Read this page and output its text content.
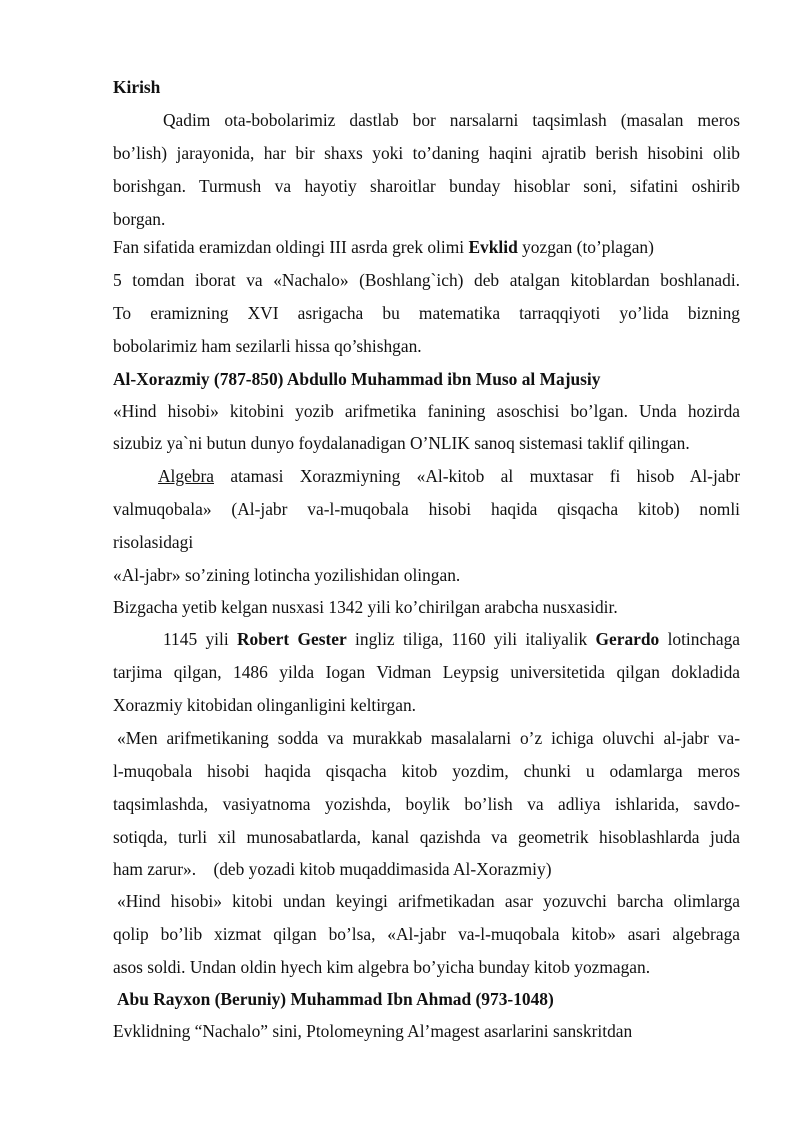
Kirish
Qadim ota-bobolarimiz dastlab bor narsalarni taqsimlash (masalan meros
bo’lish) jarayonida, har bir shaxs yoki to’daning haqini ajratib berish hisobini olib
borishgan. Turmush va hayotiy sharoitlar bunday hisoblar soni, sifatini oshirib
borgan.
Fan sifatida eramizdan oldingi III asrda grek olimi Evklid yozgan (to’plagan)
5 tomdan iborat va «Nachalo» (Boshlang`ich) deb atalgan kitoblardan boshlanadi.
To eramizning XVI asrigacha bu matematika tarraqqiyoti yo’lida bizning
bobolarimiz ham sezilarli hissa qo’shishgan.
Al-Xorazmiy (787-850) Abdullo Muhammad ibn Muso al Majusiy
«Hind hisobi» kitobini yozib arifmetika fanining asoschisi bo’lgan. Unda hozirda
sizubiz ya`ni butun dunyo foydalanadigan O’NLIK sanoq sistemasi taklif qilingan.
Algebra atamasi Xorazmiyning «Al-kitob al muxtasar fi hisob Al-jabr
valmuqobala» (Al-jabr va-l-muqobala hisobi haqida qisqacha kitob) nomli
risolasidagi
«Al-jabr» so’zining lotincha yozilishidan olingan.
Bizgacha yetib kelgan nusxasi 1342 yili ko’chirilgan arabcha nusxasidir.
1145 yili Robert Gester ingliz tiliga, 1160 yili italiyalik Gerardo lotinchaga
tarjima qilgan, 1486 yilda Iogan Vidman Leypsig universitetida qilgan dokladida
Xorazmiy kitobidan olinganligini keltirgan.
«Men arifmetikaning sodda va murakkab masalalarni o’z ichiga oluvchi al-jabr va-
l-muqobala hisobi haqida qisqacha kitob yozdim, chunki u odamlarga meros
taqsimlashda, vasiyatnoma yozishda, boylik bo’lish va adliya ishlarida, savdo-
sotiqda, turli xil munosabatlarda, kanal qazishda va geometrik hisoblashlarda juda
ham zarur».    (deb yozadi kitob muqaddimasida Al-Xorazmiy)
«Hind hisobi» kitobi undan keyingi arifmetikadan asar yozuvchi barcha olimlarga
qolip bo’lib xizmat qilgan bo’lsa, «Al-jabr va-l-muqobala kitob» asari algebraga
asos soldi. Undan oldin hyech kim algebra bo’yicha bunday kitob yozmagan.
Abu Rayxon (Beruniy) Muhammad Ibn Ahmad (973-1048)
Evklidning “Nachalo” sini, Ptolomeyning Al’magest asarlarini sanskritdan
